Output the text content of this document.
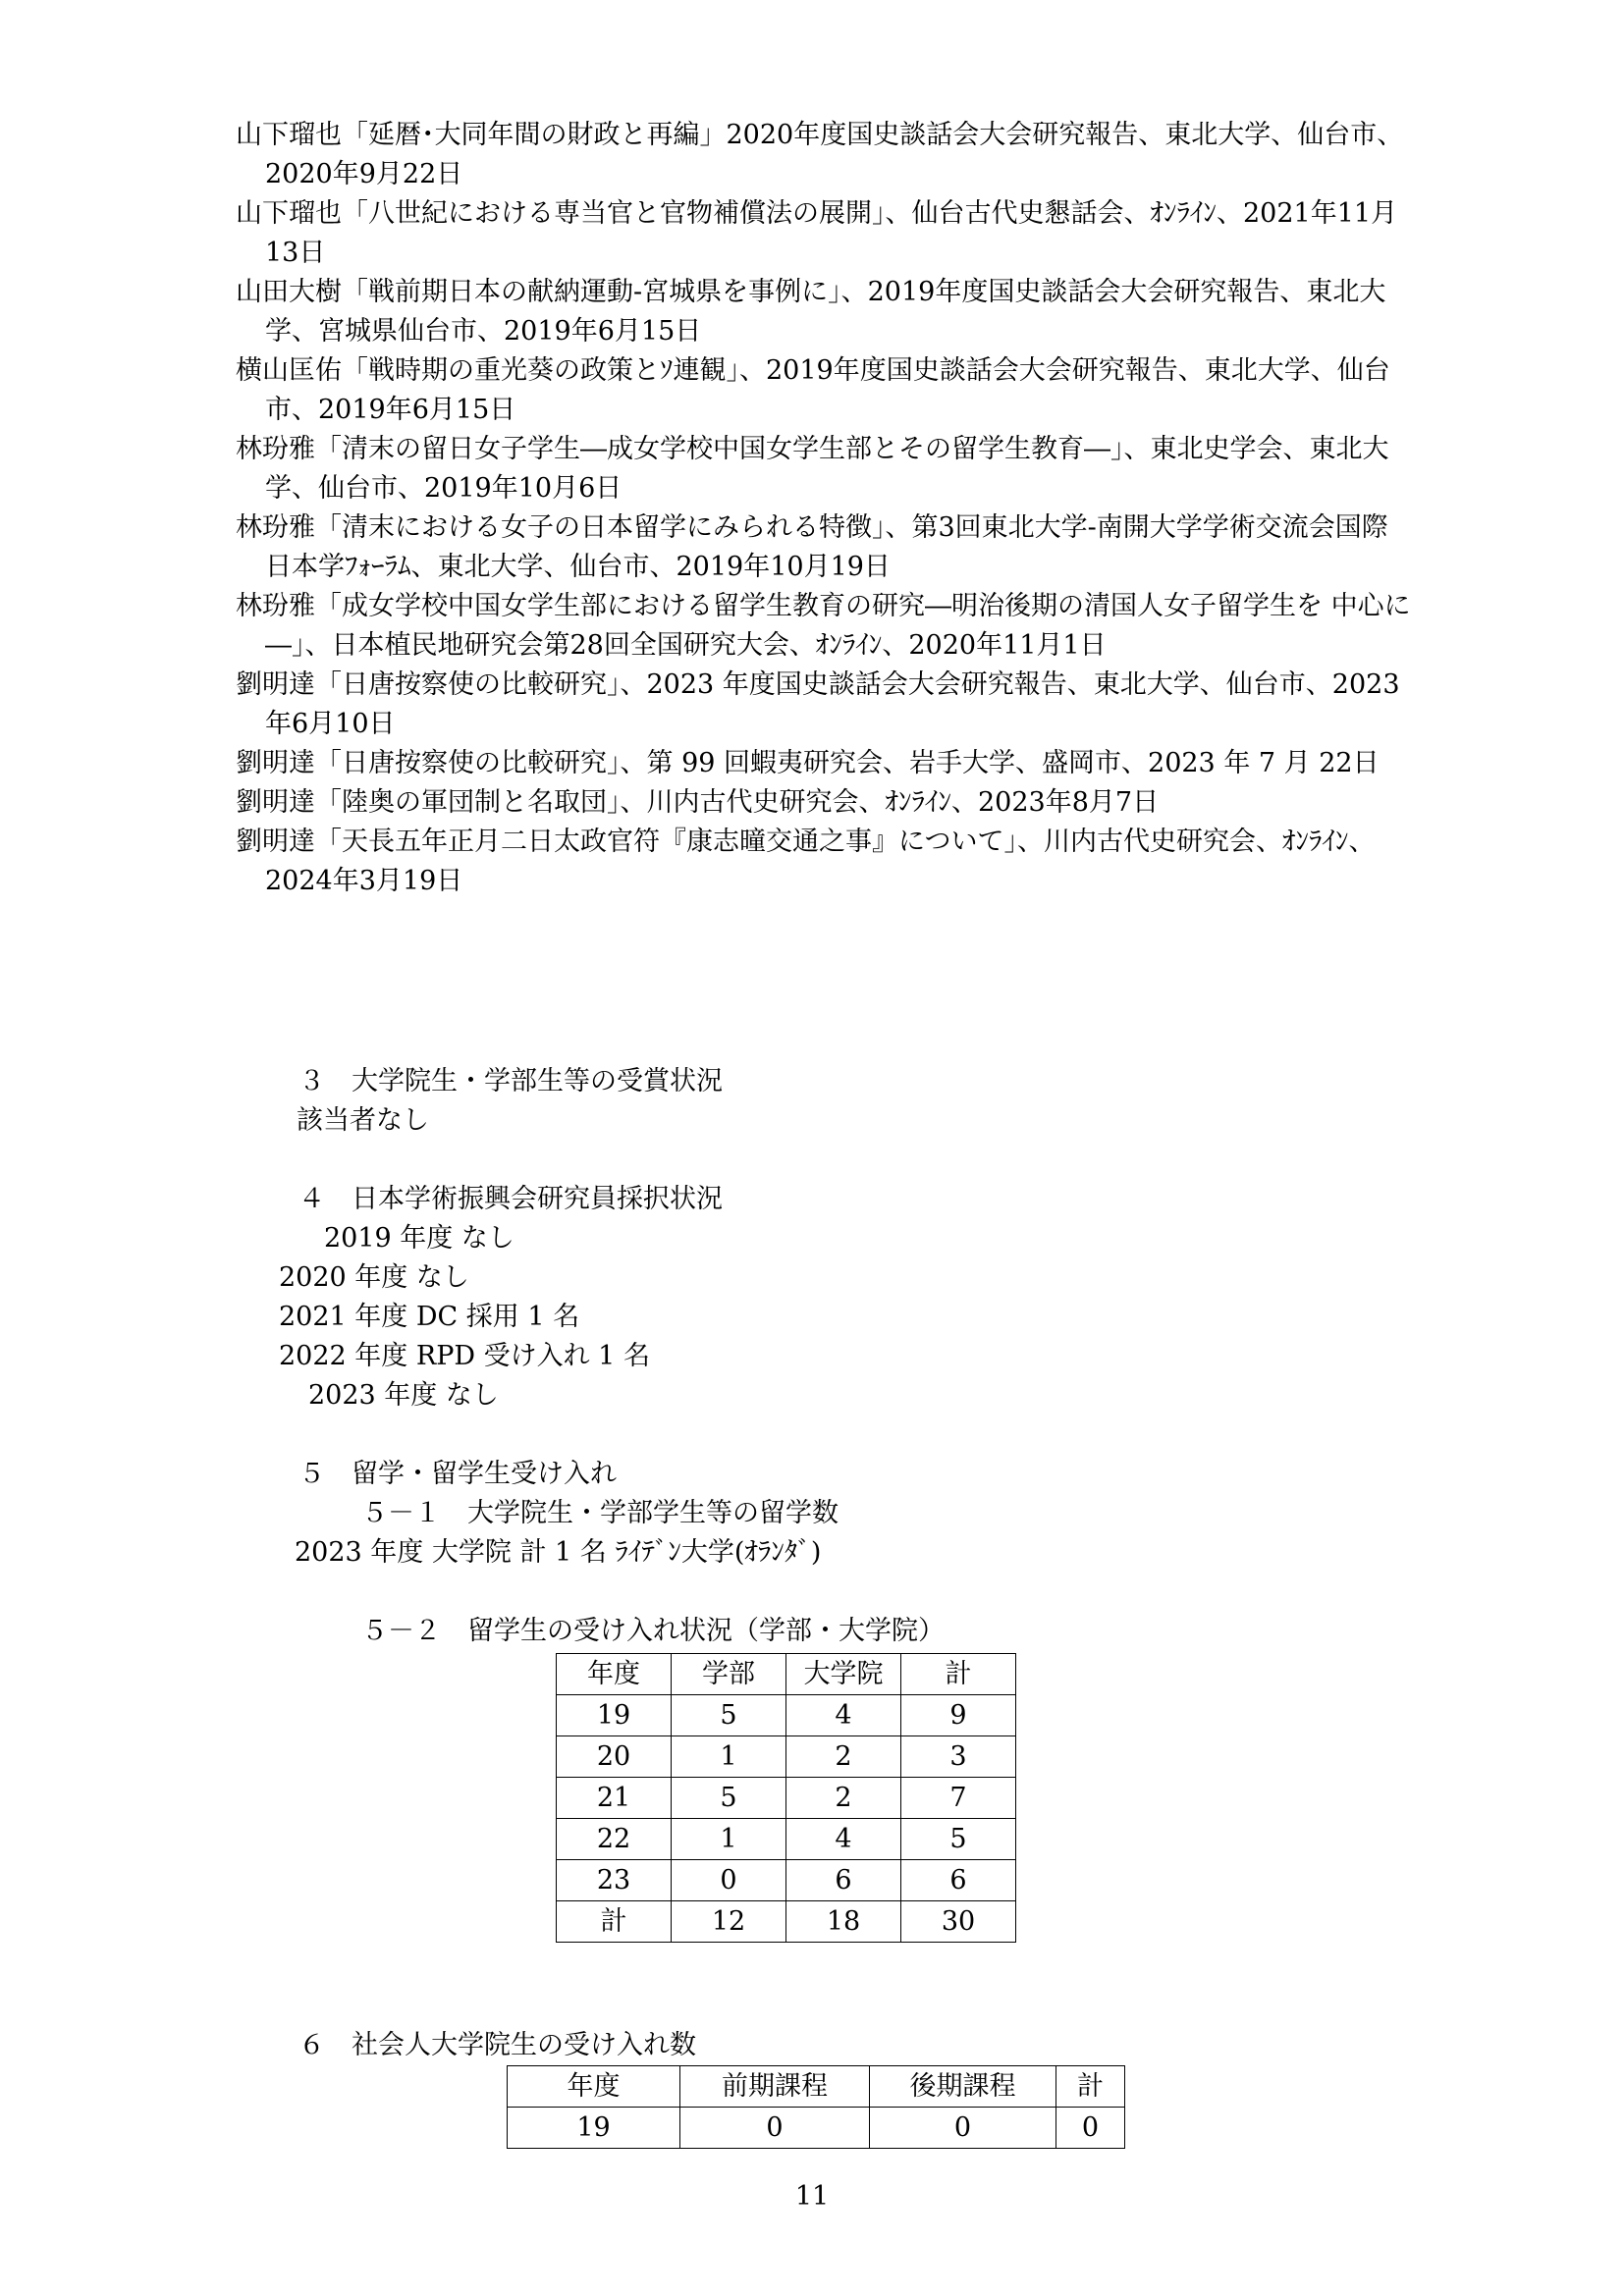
山下瑠也「延暦･大同年間の財政と再編」2020年度国史談話会大会研究報告、東北大学、仙台市、2020年9月22日

山下瑠也「八世紀における専当官と官物補償法の展開」、仙台古代史懇話会、ｵﾝﾗｲﾝ、2021年11月13日

山田大樹「戦前期日本の献納運動-宮城県を事例に」、2019年度国史談話会大会研究報告、東北大学、宮城県仙台市、2019年6月15日

横山匡佑「戦時期の重光葵の政策とｿ連観」、2019年度国史談話会大会研究報告、東北大学、仙台市、2019年6月15日

林玢雅「清末の留日女子学生―成女学校中国女学生部とその留学生教育―」、東北史学会、東北大学、仙台市、2019年10月6日

林玢雅「清末における女子の日本留学にみられる特徴」、第3回東北大学-南開大学学術交流会国際日本学ﾌｫｰﾗﾑ、東北大学、仙台市、2019年10月19日

林玢雅「成女学校中国女学生部における留学生教育の研究―明治後期の清国人女子留学生を 中心に―」、日本植民地研究会第28回全国研究大会、ｵﾝﾗｲﾝ、2020年11月1日

劉明達「日唐按察使の比較研究」、2023 年度国史談話会大会研究報告、東北大学、仙台市、2023年6月10日

劉明達「日唐按察使の比較研究」、第 99 回蝦夷研究会、岩手大学、盛岡市、2023 年 7 月 22日

劉明達「陸奥の軍団制と名取団」、川内古代史研究会、ｵﾝﾗｲﾝ、2023年8月7日

劉明達「天長五年正月二日太政官符『康志曈交通之事』について」、川内古代史研究会、ｵﾝﾗｲﾝ、2024年3月19日

３　大学院生・学部生等の受賞状況
該当者なし
４　日本学術振興会研究員採択状況
2019 年度 なし
2020 年度 なし
2021 年度 DC 採用 1 名
2022 年度 RPD 受け入れ 1 名
2023 年度 なし
５　留学・留学生受け入れ
５－１　大学院生・学部学生等の留学数
2023 年度 大学院 計 1 名 ﾗｲﾃﾞﾝ大学(ｵﾗﾝﾀﾞ)
５－２　留学生の受け入れ状況（学部・大学院）
年度	学部	大学院	計
19	5	4	9
20	1	2	3
21	5	2	7
22	1	4	5
23	0	6	6
計	12	18	30
６　社会人大学院生の受け入れ数
年度	前期課程	後期課程	計
19	0	0	0
11
